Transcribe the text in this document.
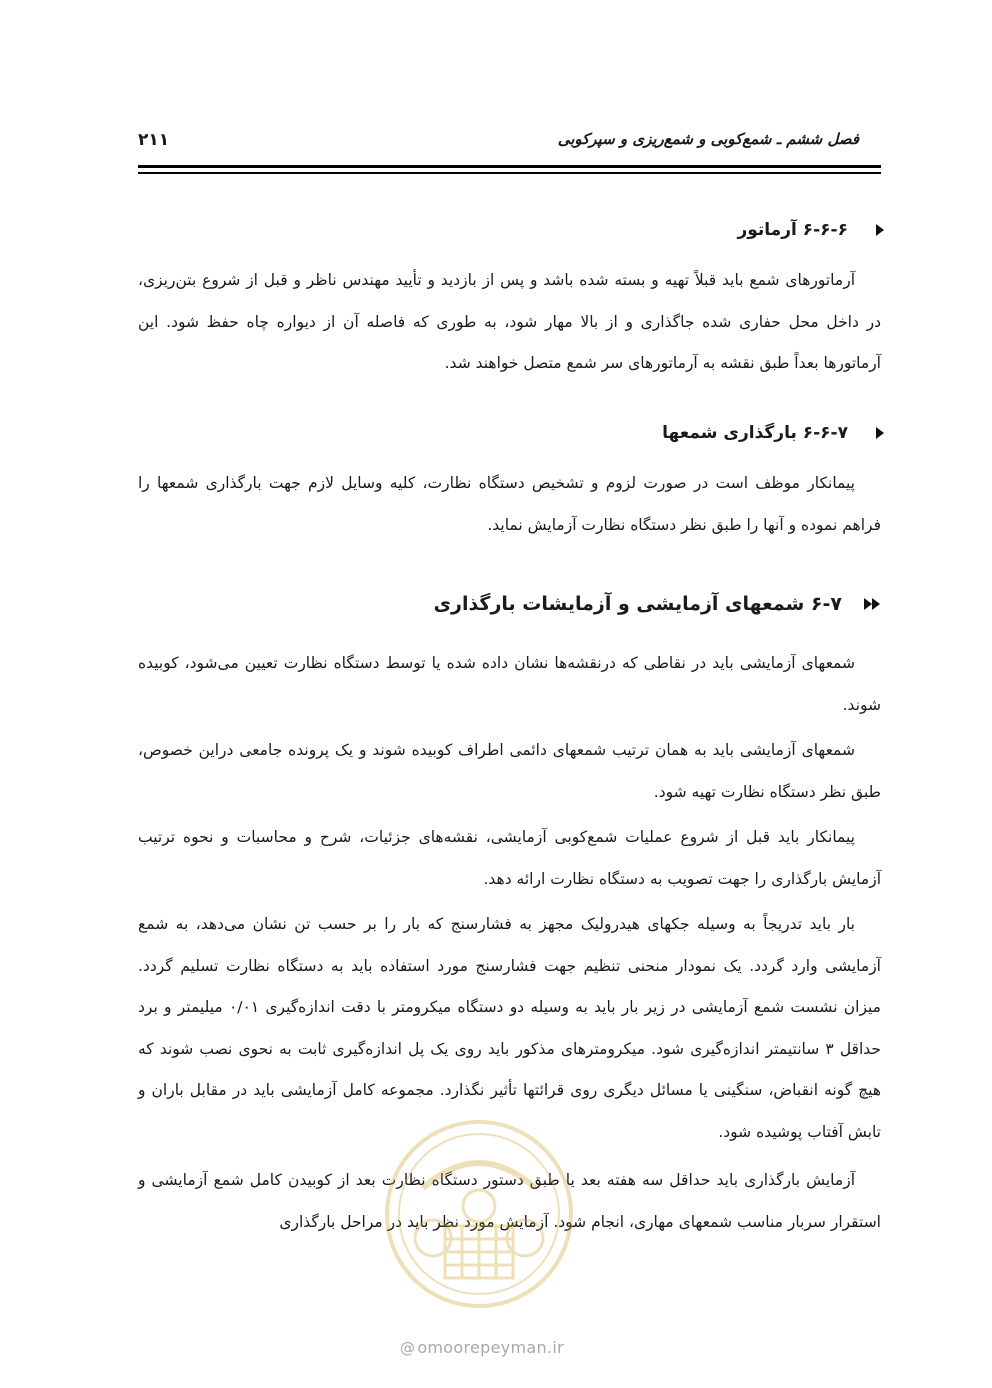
فصل ششم ـ شمع‌کوبی و شمع‌ریزی و سپرکوبی
۲۱۱
۶-۶-۶ آرماتور

آرماتورهای شمع باید قبلاً تهیه و بسته شده باشد و پس از بازدید و تأیید مهندس ناظر و قبل از شروع بتن‌ریزی، در داخل محل حفاری شده جاگذاری و از بالا مهار شود، به طوری که فاصله آن از دیواره چاه حفظ شود. این آرماتورها بعداً طبق نقشه به آرماتورهای سر شمع متصل خواهند شد.

۶-۶-۷ بارگذاری شمعها

پیمانکار موظف است در صورت لزوم و تشخیص دستگاه نظارت، کلیه وسایل لازم جهت بارگذاری شمعها را فراهم نموده و آنها را طبق نظر دستگاه نظارت آزمایش نماید.

۶-۷ شمعهای آزمایشی و آزمایشات بارگذاری

شمعهای آزمایشی باید در نقاطی که درنقشه‌ها نشان داده شده یا توسط دستگاه نظارت تعیین می‌شود، کوبیده شوند.

شمعهای آزمایشی باید به همان ترتیب شمعهای دائمی اطراف کوبیده شوند و یک پرونده جامعی دراین خصوص، طبق نظر دستگاه نظارت تهیه شود.

پیمانکار باید قبل از شروع عملیات شمع‌کوبی آزمایشی، نقشه‌های جزئیات، شرح و محاسبات و نحوه ترتیب آزمایش بارگذاری را جهت تصویب به دستگاه نظارت ارائه دهد.

بار باید تدریجاً به وسیله جکهای هیدرولیک مجهز به فشارسنج که بار را بر حسب تن نشان می‌دهد، به شمع آزمایشی وارد گردد. یک نمودار منحنی تنظیم جهت فشارسنج مورد استفاده باید به دستگاه نظارت تسلیم گردد. میزان نشست شمع آزمایشی در زیر بار باید به وسیله دو دستگاه میکرومتر با دقت اندازه‌گیری ۰/۰۱ میلیمتر و برد حداقل ۳ سانتیمتر اندازه‌گیری شود. میکرومترهای مذکور باید روی یک پل اندازه‌گیری ثابت به نحوی نصب شوند که هیچ گونه انقباض، سنگینی یا مسائل دیگری روی قرائتها تأثیر نگذارد. مجموعه کامل آزمایشی باید در مقابل باران و تابش آفتاب پوشیده شود.

آزمایش بارگذاری باید حداقل سه هفته بعد یا طبق دستور دستگاه نظارت بعد از کوبیدن کامل شمع آزمایشی و استقرار سربار مناسب شمعهای مهاری، انجام شود. آزمایش مورد نظر باید در مراحل بارگذاری

@ omoorepeyman.ir
